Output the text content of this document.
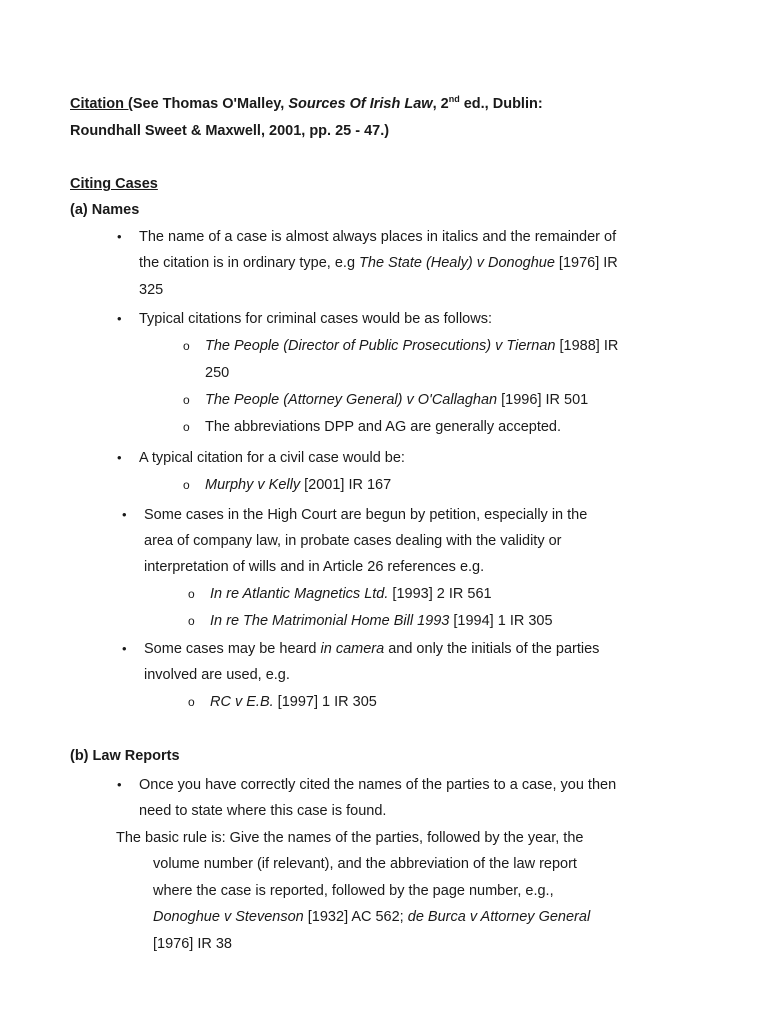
Citation (See Thomas O'Malley, Sources Of Irish Law, 2nd ed., Dublin:
Roundhall Sweet & Maxwell, 2001, pp. 25 - 47.)
Citing Cases
(a) Names
• The name of a case is almost always places in italics and the remainder of
the citation is in ordinary type, e.g The State (Healy) v Donoghue [1976] IR
325
• Typical citations for criminal cases would be as follows:
o The People (Director of Public Prosecutions) v Tiernan [1988] IR
250
o The People (Attorney General) v O'Callaghan [1996] IR 501
o The abbreviations DPP and AG are generally accepted.
• A typical citation for a civil case would be:
o Murphy v Kelly [2001] IR 167
• Some cases in the High Court are begun by petition, especially in the
area of company law, in probate cases dealing with the validity or
interpretation of wills and in Article 26 references e.g.
o In re Atlantic Magnetics Ltd. [1993] 2 IR 561
o In re The Matrimonial Home Bill 1993 [1994] 1 IR 305
• Some cases may be heard in camera and only the initials of the parties
involved are used, e.g.
o RC v E.B. [1997] 1 IR 305
(b) Law Reports
• Once you have correctly cited the names of the parties to a case, you then
need to state where this case is found.
The basic rule is: Give the names of the parties, followed by the year, the
volume number (if relevant), and the abbreviation of the law report
where the case is reported, followed by the page number, e.g.,
Donoghue v Stevenson [1932] AC 562; de Burca v Attorney General
[1976] IR 38
